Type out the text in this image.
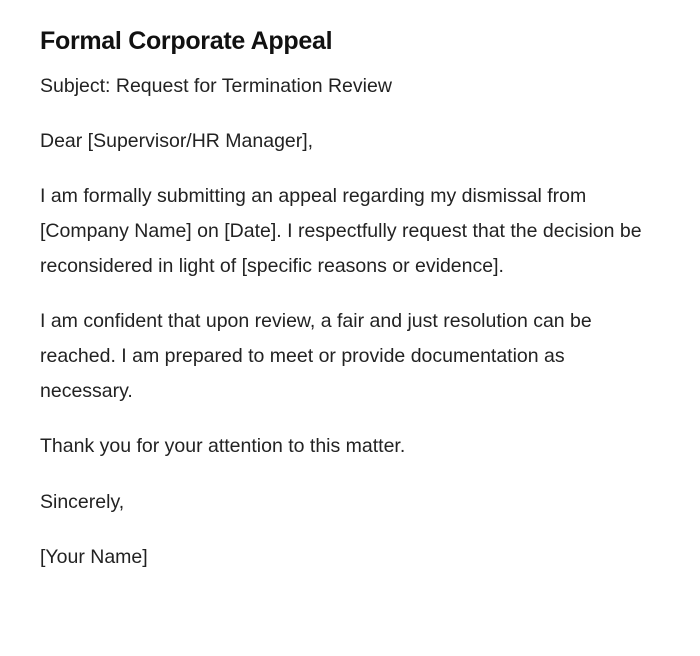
Formal Corporate Appeal

Subject: Request for Termination Review

Dear [Supervisor/HR Manager],

I am formally submitting an appeal regarding my dismissal from [Company Name] on [Date]. I respectfully request that the decision be reconsidered in light of [specific reasons or evidence].

I am confident that upon review, a fair and just resolution can be reached. I am prepared to meet or provide documentation as necessary.

Thank you for your attention to this matter.

Sincerely,

[Your Name]
